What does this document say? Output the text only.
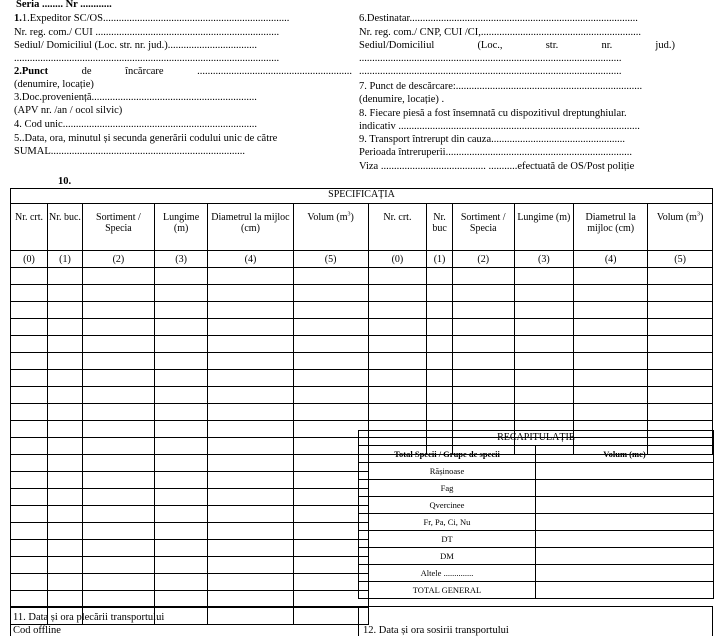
Seria ........ Nr ............
1.1.Expeditor SC/OS.......................................................................
Nr. reg. com./ CUI ......................................................................
Sediul/ Domiciliul (Loc. str. nr. jud.)..................................
.....................................................................................................
2.Punct	de	încărcare	...........................................................
(denumire, locație)
3.Doc.proveniență...............................................................
(APV nr. /an / ocol silvic)
4. Cod unic..........................................................................
5..Data, ora, minutul și secunda generării codului unic de către
SUMAL..........................................................................
10.
6.Destinatar.......................................................................................
Nr. reg. com./ CNP, CUI /CI,.............................................................
Sediul/Domiciliul	(Loc.,	str.	nr.	jud.)
....................................................................................................
....................................................................................................
7. Punct de descărcare:.......................................................................
(denumire, locație) .
8. Fiecare piesă a fost însemnată cu dispozitivul dreptunghiular.
indicativ ............................................................................................
9. Transport întrerupt din cauza...................................................
Perioada întreruperii.......................................................................
Viza ........................................ ...........efectuată de OS/Post poliție
SPECIFICAȚIA											
Nr. crt.	Nr. buc.	Sortiment / Specia	Lungime (m)	Diametrul la mijloc (cm)	Volum $(m^3)$	Nr. crt.	Nr. buc	Sortiment / Specia	Lungime (m)	Diametrul la mijloc (cm)	Volum $(m^3)$
(0)	(1)	(2)	(3)	(4)	(5)	(0)	(1)	(2)	(3)	(4)	(5)

RECAPITULAȚIE	
Total Specii / Grupe de specii	Volum (mc)
Rășinoase	
Fag	
Qvercinee	
Fr, Pa, Ci, Nu	
DT	
DM	
Altele ..............	
TOTAL GENERAL	
11. Data și ora plecării transportului
Cod offline	12. Data și ora sosirii transportului
